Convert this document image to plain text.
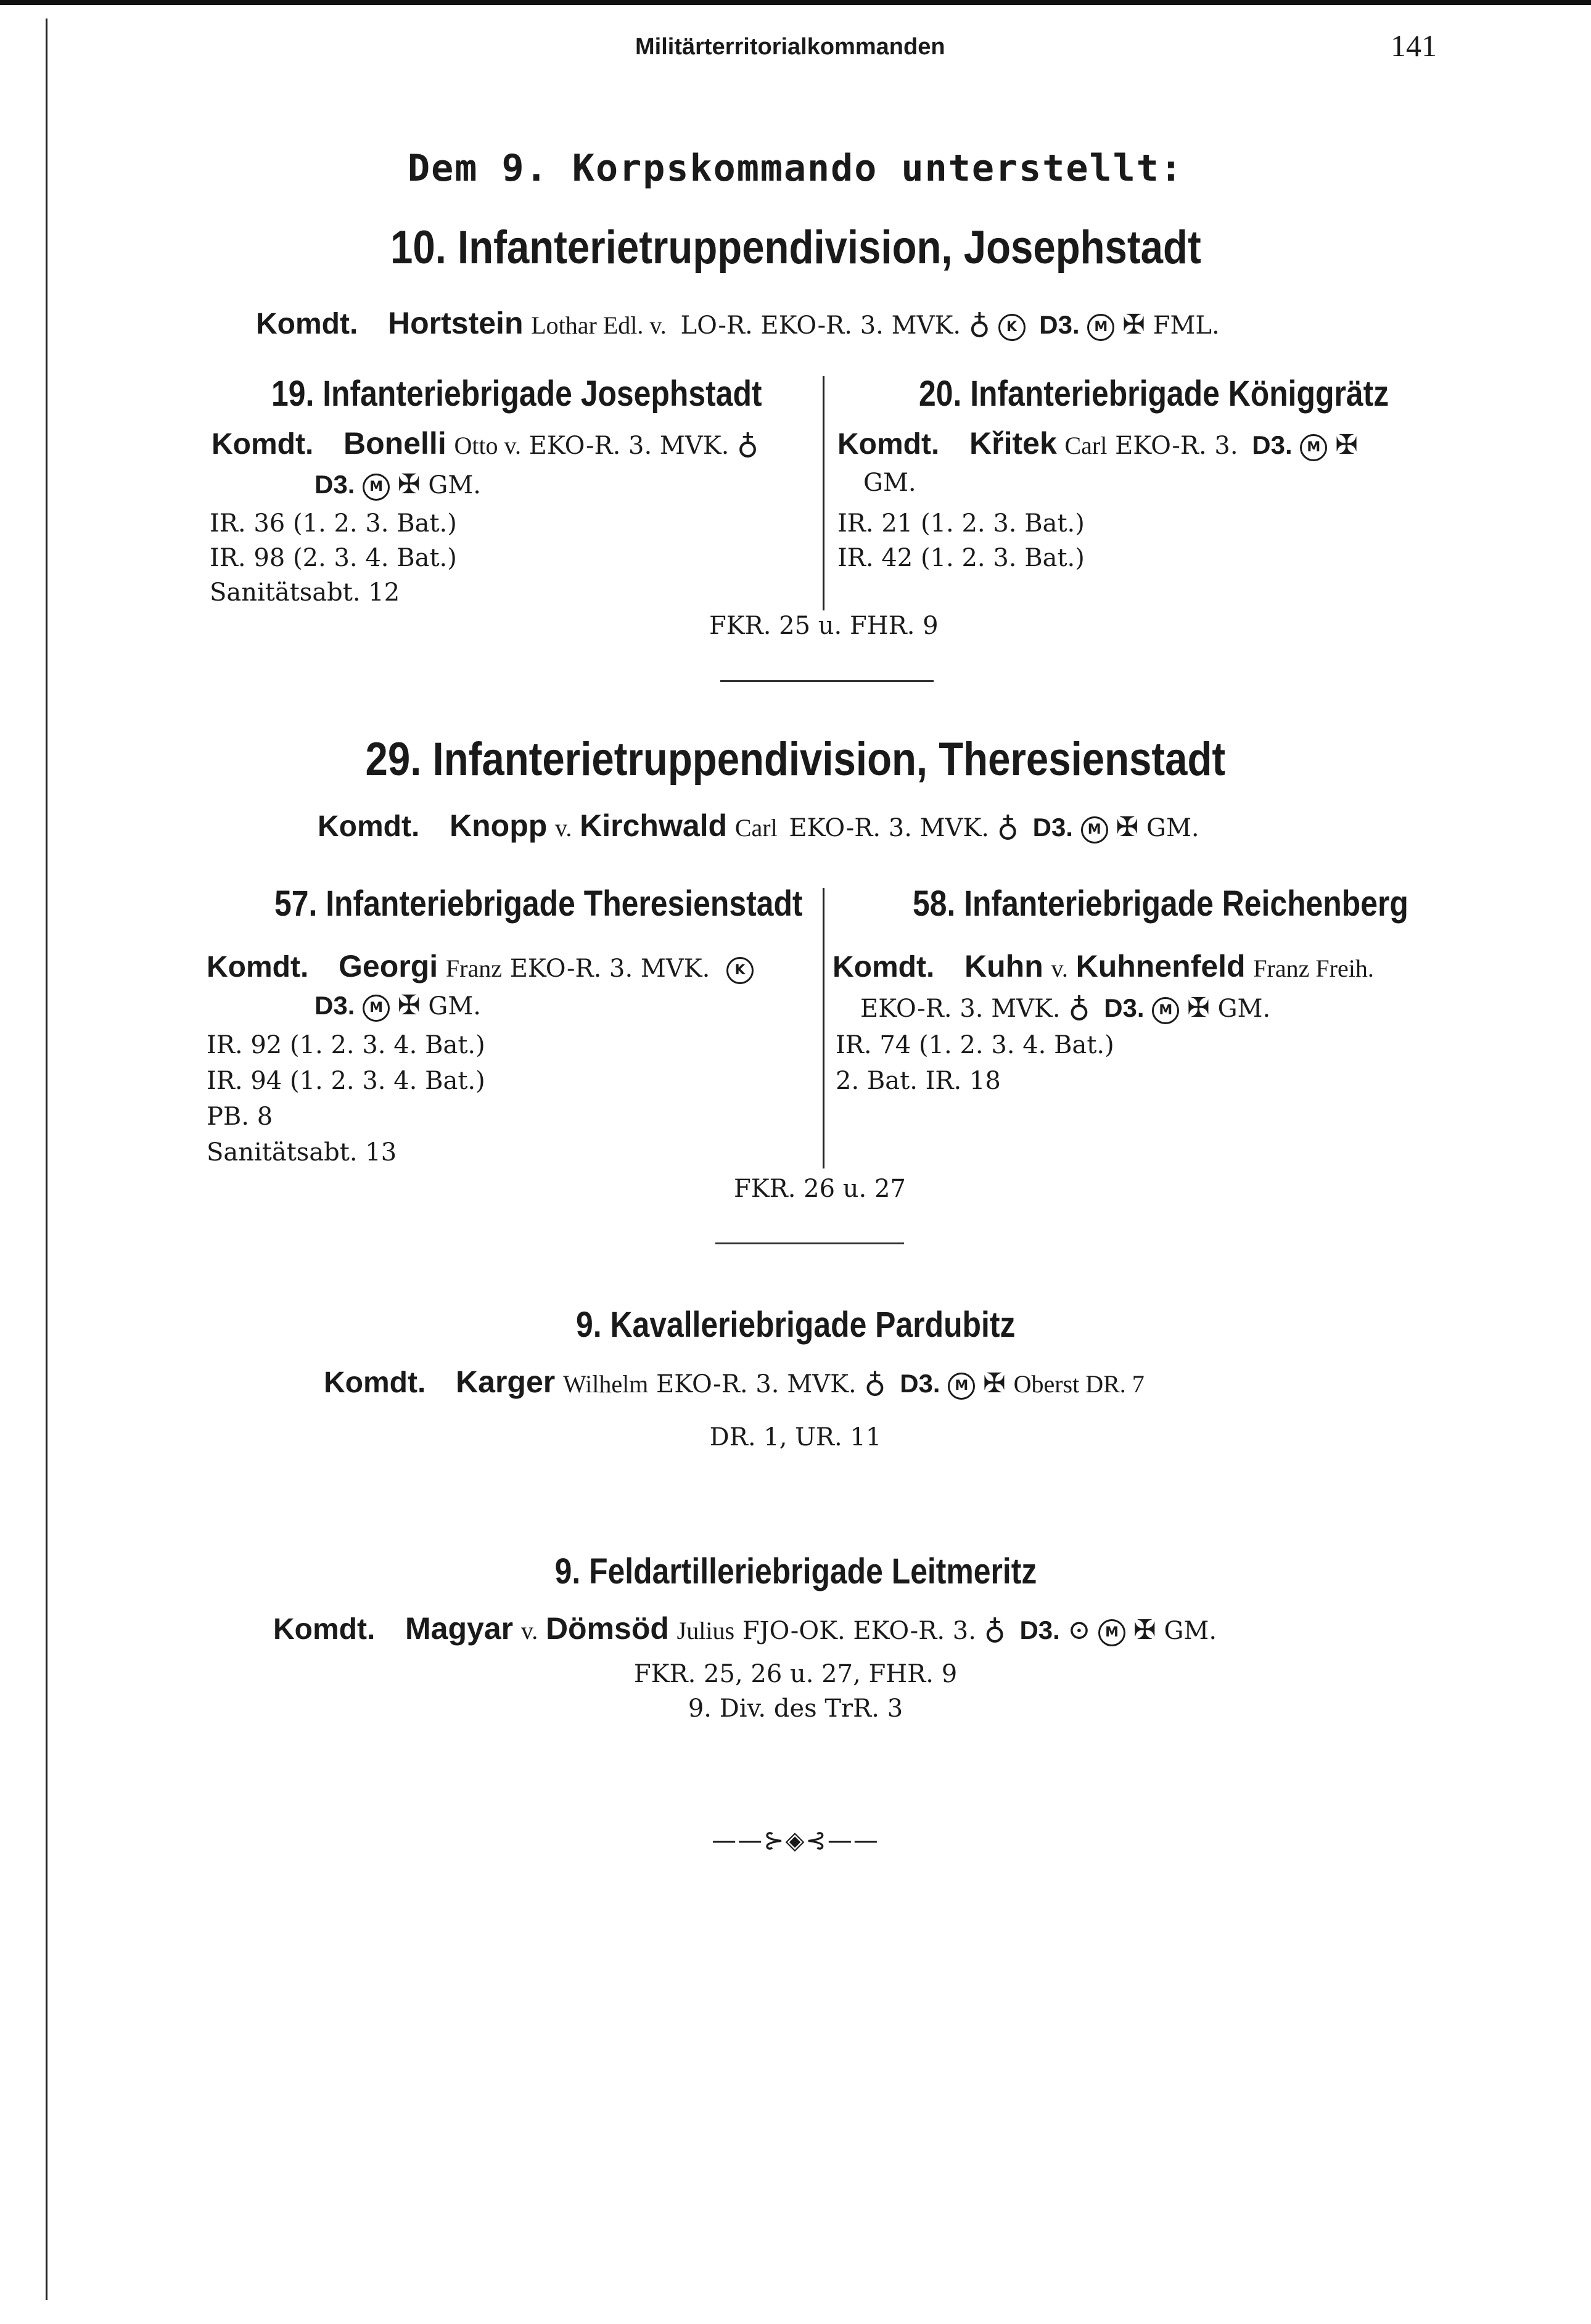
Militärterritorialkommanden	141
Dem 9. Korpskommando unterstellt:
10. Infanterietruppendivision, Josephstadt
Komdt. Hortstein Lothar Edl. v. LO-R. EKO-R. 3. MVK. ♁ K D3. M ✠ FML.
19. Infanteriebrigade Josephstadt
Komdt. Bonelli Otto v. EKO-R. 3. MVK. ♁
D3. M ✠ GM.
IR. 36 (1. 2. 3. Bat.)
IR. 98 (2. 3. 4. Bat.)
Sanitätsabt. 12
20. Infanteriebrigade Königgrätz
Komdt. Křitek Carl EKO-R. 3. D3. M ✠
GM.
IR. 21 (1. 2. 3. Bat.)
IR. 42 (1. 2. 3. Bat.)
FKR. 25 u. FHR. 9
29. Infanterietruppendivision, Theresienstadt
Komdt. Knopp v. Kirchwald Carl EKO-R. 3. MVK. ♁ D3. M ✠ GM.
57. Infanteriebrigade Theresienstadt
Komdt. Georgi Franz EKO-R. 3. MVK. K
D3. M ✠ GM.
IR. 92 (1. 2. 3. 4. Bat.)
IR. 94 (1. 2. 3. 4. Bat.)
PB. 8
Sanitätsabt. 13
58. Infanteriebrigade Reichenberg
Komdt. Kuhn v. Kuhnenfeld Franz Freih.
EKO-R. 3. MVK. ♁ D3. M ✠ GM.
IR. 74 (1. 2. 3. 4. Bat.)
2. Bat. IR. 18
FKR. 26 u. 27
9. Kavalleriebrigade Pardubitz
Komdt. Karger Wilhelm EKO-R. 3. MVK. ♁ D3. M ✠ Oberst DR. 7
DR. 1, UR. 11
9. Feldartilleriebrigade Leitmeritz
Komdt. Magyar v. Dömsöd Julius FJO-OK. EKO-R. 3. ♁ D3. ⊙ M ✠ GM.
FKR. 25, 26 u. 27, FHR. 9
9. Div. des TrR. 3
——⊱◈⊰——
